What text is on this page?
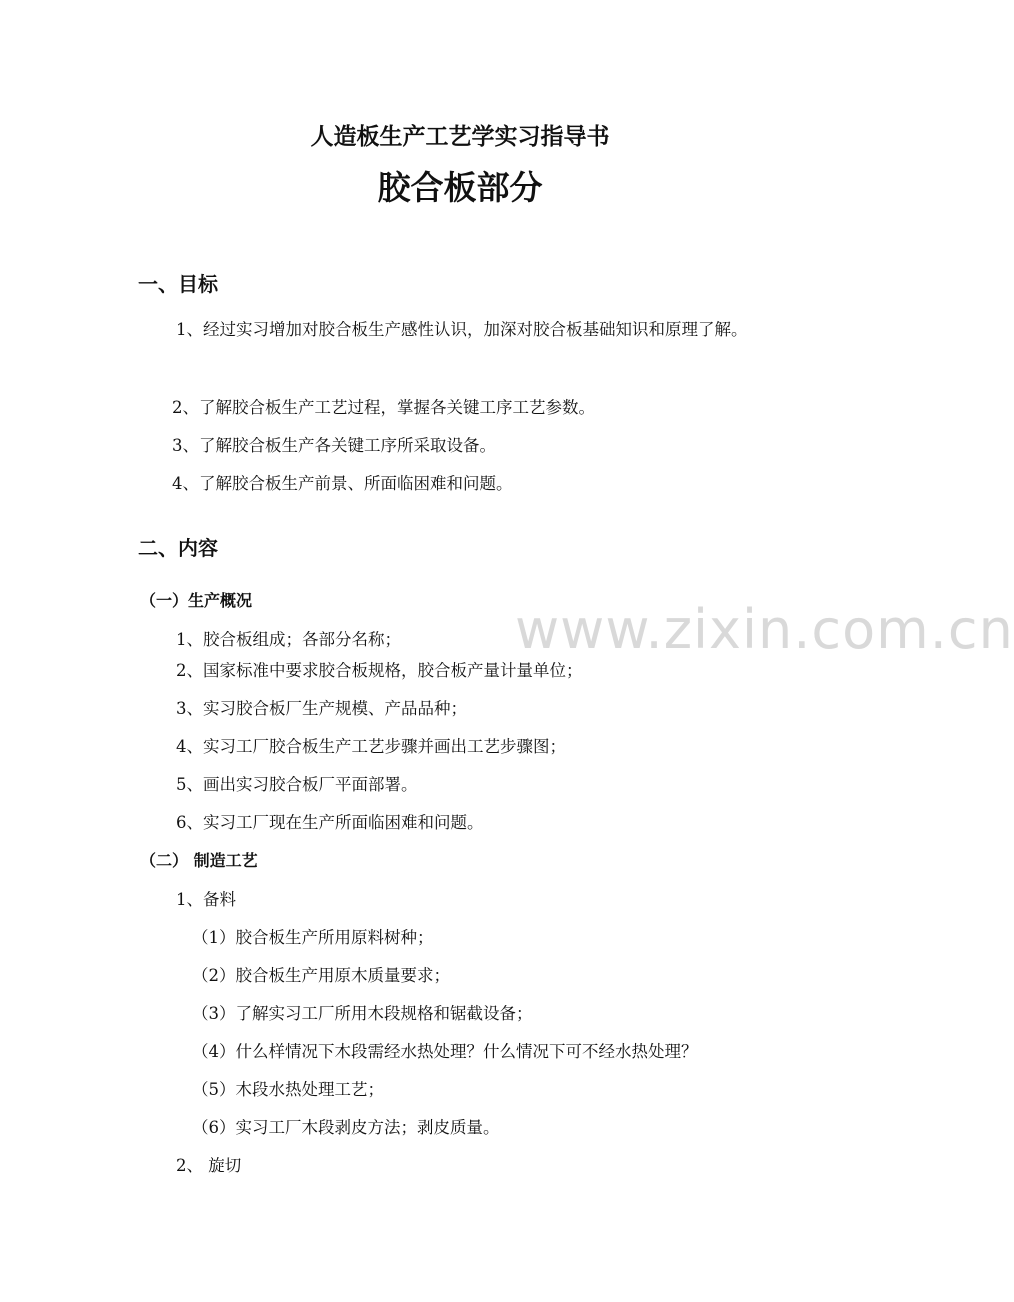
人造板生产工艺学实习指导书
胶合板部分
一、目标
1、经过实习增加对胶合板生产感性认识，加深对胶合板基础知识和原理了解。
2、了解胶合板生产工艺过程，掌握各关键工序工艺参数。
3、了解胶合板生产各关键工序所采取设备。
4、了解胶合板生产前景、所面临困难和问题。
二、内容
（一）生产概况
1、胶合板组成；各部分名称；
2、国家标准中要求胶合板规格，胶合板产量计量单位；
3、实习胶合板厂生产规模、产品品种；
4、实习工厂胶合板生产工艺步骤并画出工艺步骤图；
5、画出实习胶合板厂平面部署。
6、实习工厂现在生产所面临困难和问题。
（二） 制造工艺
1、备料
（1）胶合板生产所用原料树种；
（2）胶合板生产用原木质量要求；
（3）了解实习工厂所用木段规格和锯截设备；
（4）什么样情况下木段需经水热处理？什么情况下可不经水热处理？
（5）木段水热处理工艺；
（6）实习工厂木段剥皮方法；剥皮质量。
2、 旋切
www.zixin.com.cn
